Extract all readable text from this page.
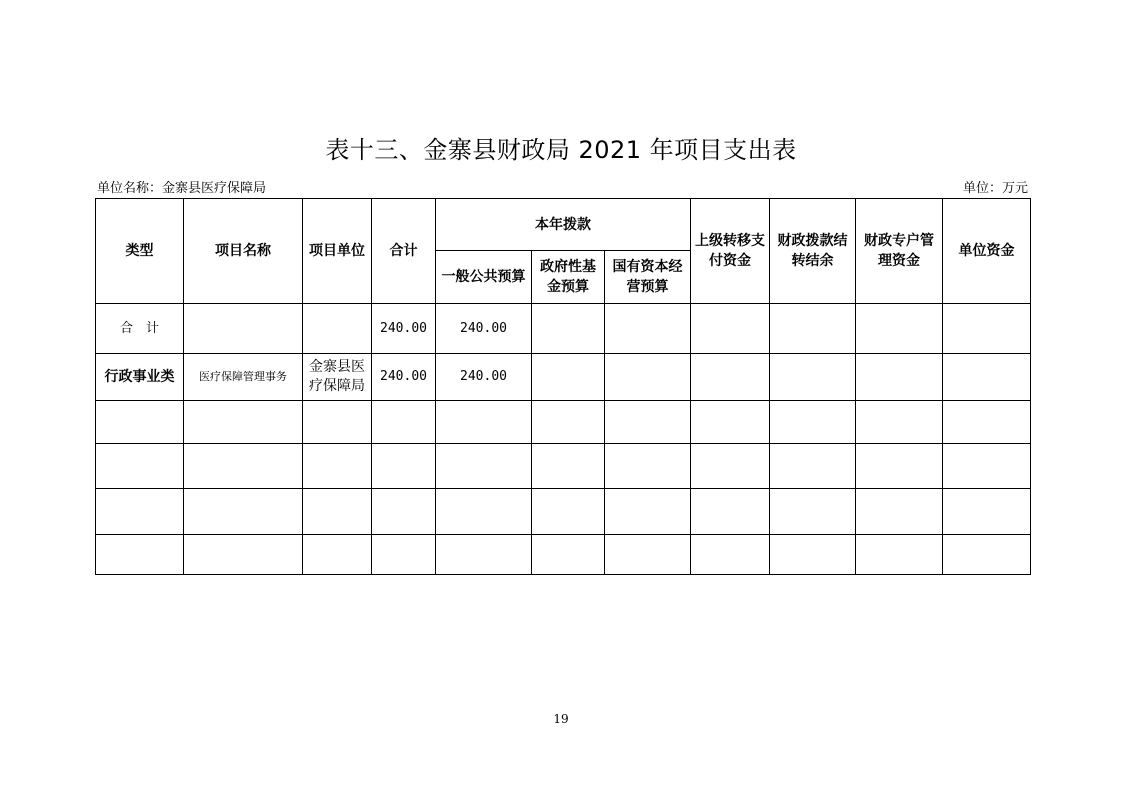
表十三、金寨县财政局 2021 年项目支出表
单位名称：金寨县医疗保障局	单位：万元
类型	项目名称	项目单位	合计	本年拨款			上级转移支付资金	财政拨款结转结余	财政专户管理资金	单位资金
				一般公共预算	政府性基金预算	国有资本经营预算				
合　计			240.00	240.00						
行政事业类	医疗保障管理事务	金寨县医疗保障局	240.00	240.00						

19
